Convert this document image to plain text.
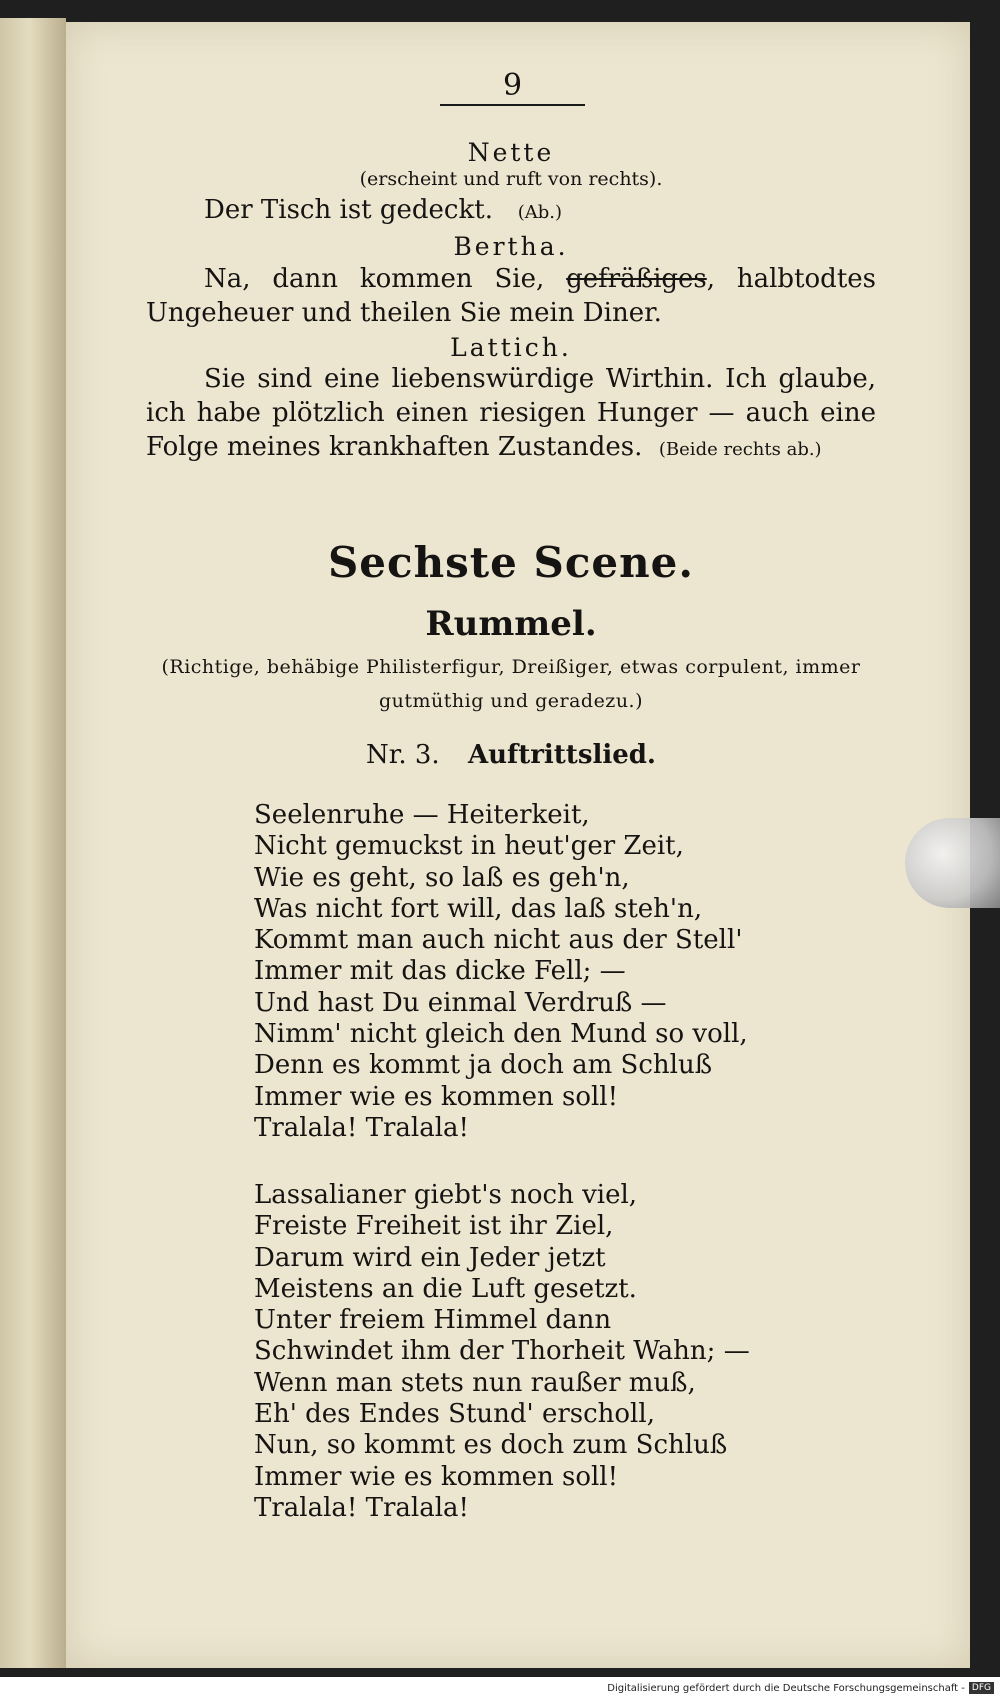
9
Nette
(erscheint und ruft von rechts).
Der Tisch ist gedeckt. (Ab.)
Bertha.
Na, dann kommen Sie, gefräßiges, halbtodtes Ungeheuer und theilen Sie mein Diner.
Lattich.
Sie sind eine liebenswürdige Wirthin. Ich glaube, ich habe plötzlich einen riesigen Hunger — auch eine Folge meines krankhaften Zustandes. (Beide rechts ab.)
Sechste Scene.
Rummel.
(Richtige, behäbige Philisterfigur, Dreißiger, etwas corpulent, immer gutmüthig und geradezu.)
Nr. 3. Auftrittslied.
Seelenruhe — Heiterkeit,
Nicht gemuckst in heut'ger Zeit,
Wie es geht, so laß es geh'n,
Was nicht fort will, das laß steh'n,
Kommt man auch nicht aus der Stell'
Immer mit das dicke Fell; —
Und hast Du einmal Verdruß —
Nimm' nicht gleich den Mund so voll,
Denn es kommt ja doch am Schluß
Immer wie es kommen soll!
Tralala! Tralala!
Lassalianer giebt's noch viel,
Freiste Freiheit ist ihr Ziel,
Darum wird ein Jeder jetzt
Meistens an die Luft gesetzt.
Unter freiem Himmel dann
Schwindet ihm der Thorheit Wahn; —
Wenn man stets nun raußer muß,
Eh' des Endes Stund' erscholl,
Nun, so kommt es doch zum Schluß
Immer wie es kommen soll!
Tralala! Tralala!
Digitalisierung gefördert durch die Deutsche Forschungsgemeinschaft - DFG
